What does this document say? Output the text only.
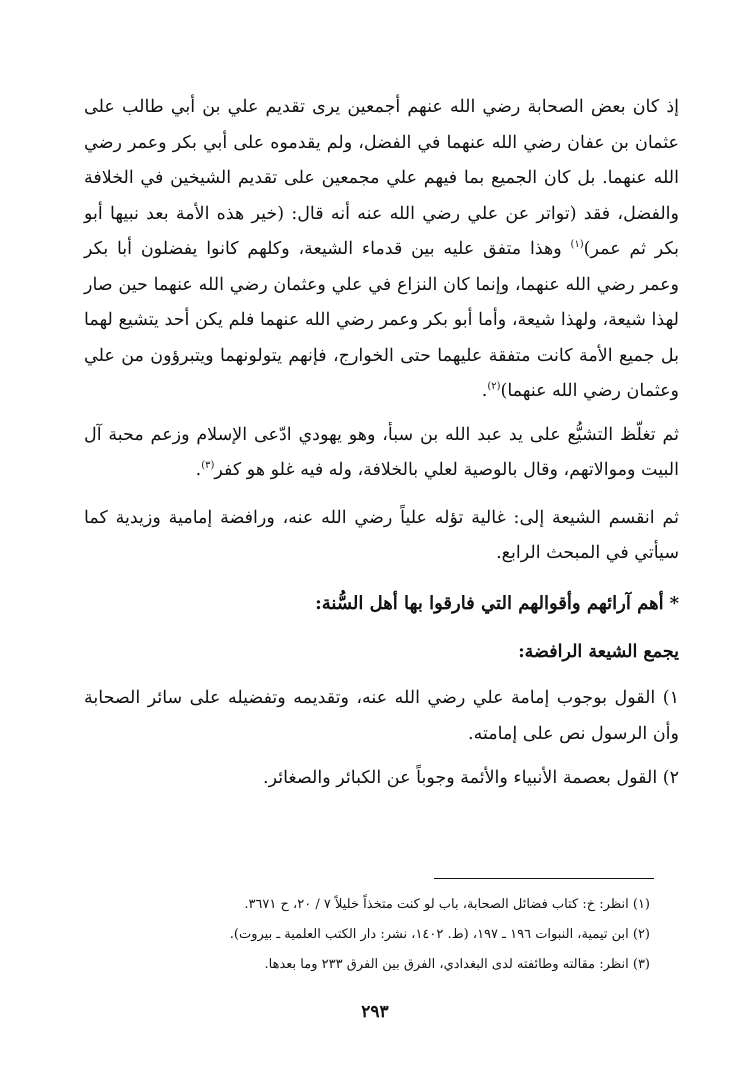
إذ كان بعض الصحابة رضي الله عنهم أجمعين يرى تقديم علي بن أبي طالب على عثمان بن عفان رضي الله عنهما في الفضل، ولم يقدموه على أبي بكر وعمر رضي الله عنهما. بل كان الجميع بما فيهم علي مجمعين على تقديم الشيخين في الخلافة والفضل، فقد (تواتر عن علي رضي الله عنه أنه قال: (خير هذه الأمة بعد نبيها أبو بكر ثم عمر)$^{(١)}$ وهذا متفق عليه بين قدماء الشيعة، وكلهم كانوا يفضلون أبا بكر وعمر رضي الله عنهما، وإنما كان النزاع في علي وعثمان رضي الله عنهما حين صار لهذا شيعة، ولهذا شيعة، وأما أبو بكر وعمر رضي الله عنهما فلم يكن أحد يتشيع لهما بل جميع الأمة كانت متفقة عليهما حتى الخوارج، فإنهم يتولونهما ويتبرؤون من علي وعثمان رضي الله عنهما)$^{(٢)}$.

ثم تغلّظ التشيُّع على يد عبد الله بن سبأ، وهو يهودي ادّعى الإسلام وزعم محبة آل البيت وموالاتهم، وقال بالوصية لعلي بالخلافة، وله فيه غلو هو كفر$^{(٣)}$.

ثم انقسم الشيعة إلى: غالية تؤله علياً رضي الله عنه، ورافضة إمامية وزيدية كما سيأتي في المبحث الرابع.

*أهم آرائهم وأقوالهم التي فارقوا بها أهل السُّنة:

يجمع الشيعة الرافضة:

١) القول بوجوب إمامة علي رضي الله عنه، وتقديمه وتفضيله على سائر الصحابة وأن الرسول نص على إمامته.

٢) القول بعصمة الأنبياء والأئمة وجوباً عن الكبائر والصغائر.

(١) انظر: خ: كتاب فضائل الصحابة، باب لو كنت متخذاً خليلاً ٧ / ٢٠، ح ٣٦٧١.

(٢) ابن تيمية، النبوات ١٩٦ ـ ١٩٧، (ط. ١٤٠٢، نشر: دار الكتب العلمية ـ بيروت).

(٣) انظر: مقالته وطائفته لدى البغدادي، الفرق بين الفرق ٢٣٣ وما بعدها.

٢٩٣
